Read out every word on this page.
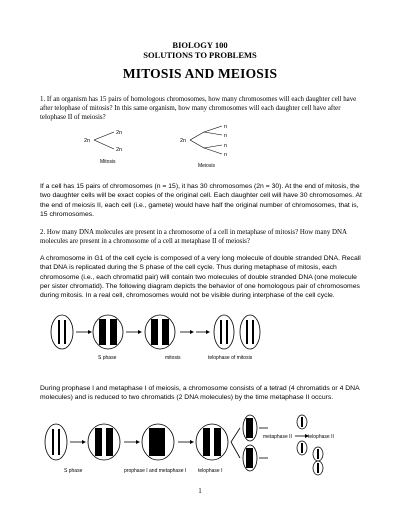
BIOLOGY 100
SOLUTIONS TO PROBLEMS
MITOSIS AND MEIOSIS
1. If an organism has 15 pairs of homologous chromosomes, how many chromosomes will each daughter cell have after telophase of mitosis? In this same organism, how many chromosomes will each daughter cell have after telophase II of meiosis?
2n
2n
2n
Mitosis
2n
n
n
n
n
Meiosis
If a cell has 15 pairs of chromosomes (n = 15), it has 30 chromosomes (2n = 30). At the end of mitosis, the two daughter cells will be exact copies of the original cell. Each daughter cell will have 30 chromosomes. At the end of meiosis II, each cell (i.e., gamete) would have half the original number of chromosomes, that is, 15 chromosomes.
2. How many DNA molecules are present in a chromosome of a cell in metaphase of mitosis? How many DNA molecules are present in a chromosome of a cell at metaphase II of meiosis?
A chromosome in G1 of the cell cycle is composed of a very long molecule of double stranded DNA. Recall that DNA is replicated during the S phase of the cell cycle. Thus during metaphase of mitosis, each chromosome (i.e., each chromatid pair) will contain two molecules of double stranded DNA (one molecule per sister chromatid). The following diagram depicts the behavior of one homologous pair of chromosomes during mitosis. In a real cell, chromosomes would not be visible during interphase of the cell cycle.
S phase	mitosis	telophase of mitosis
During prophase I and metaphase I of meiosis, a chromosome consists of a tetrad (4 chromatids or 4 DNA molecules) and is reduced to two chromatids (2 DNA molecules) by the time metaphase II occurs.
metaphase II	telophase II
S phase	prophase I and metaphase I telophase I
1
